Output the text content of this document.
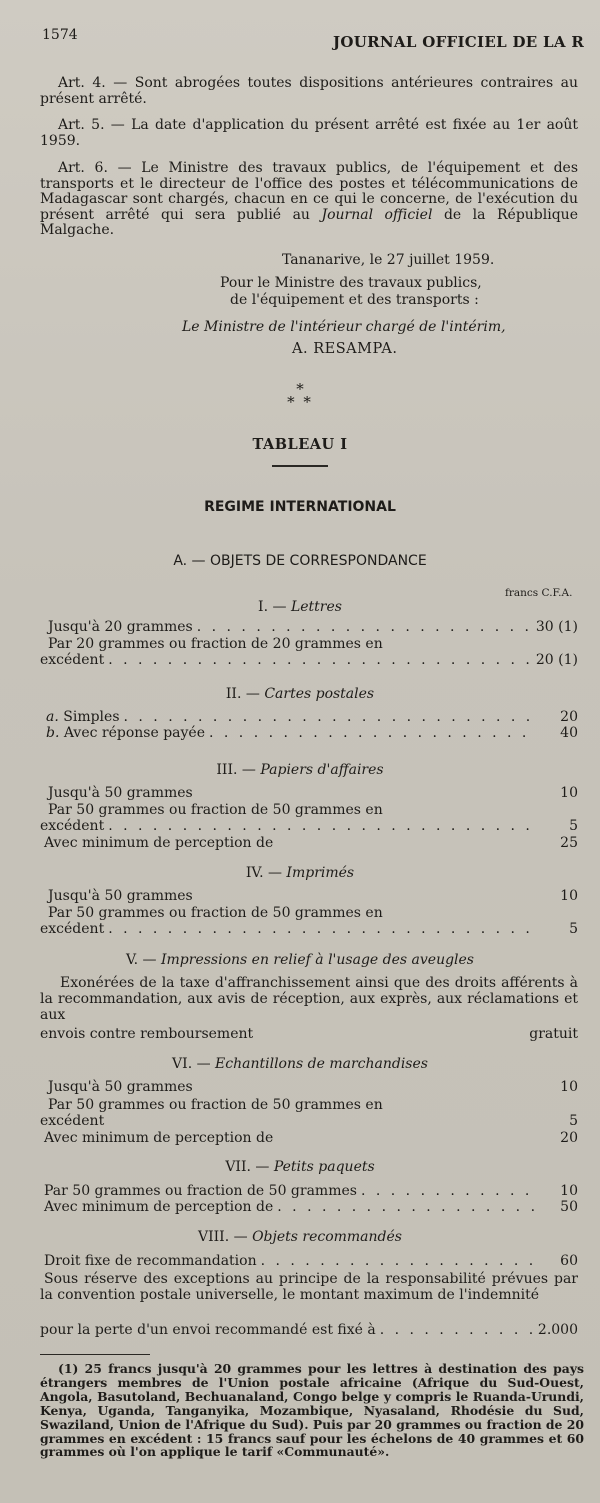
1574	JOURNAL OFFICIEL DE LA R
Art. 4. — Sont abrogées toutes dispositions antérieures contraires au présent arrêté.
Art. 5. — La date d'application du présent arrêté est fixée au 1er août 1959.
Art. 6. — Le Ministre des travaux publics, de l'équipement et des transports et le directeur de l'office des postes et télécommunications de Madagascar sont chargés, chacun en ce qui le concerne, de l'exécution du présent arrêté qui sera publié au Journal officiel de la République Malgache.
Tananarive, le 27 juillet 1959.
Pour le Ministre des travaux publics,
de l'équipement et des transports :
Le Ministre de l'intérieur chargé de l'intérim,
A. RESAMPA.
*
* *
TABLEAU I
REGIME INTERNATIONAL
A. — OBJETS DE CORRESPONDANCE
francs C.F.A.
I. — Lettres
Jusqu'à 20 grammes . . .	30 (1)
Par 20 grammes ou fraction de 20 grammes en
excédent . . .	20 (1)
II. — Cartes postales
a. Simples . . .	20
b. Avec réponse payée . . .	40
III. — Papiers d'affaires
Jusqu'à 50 grammes	10
Par 50 grammes ou fraction de 50 grammes en
excédent . . .	5
Avec minimum de perception de	25
IV. — Imprimés
Jusqu'à 50 grammes	10
Par 50 grammes ou fraction de 50 grammes en
excédent . . .	5
V. — Impressions en relief à l'usage des aveugles
Exonérées de la taxe d'affranchissement ainsi que des droits afférents à la recommandation, aux avis de réception, aux exprès, aux réclamations et aux
envois contre remboursement	gratuit
VI. — Echantillons de marchandises
Jusqu'à 50 grammes	10
Par 50 grammes ou fraction de 50 grammes en
excédent	5
Avec minimum de perception de	20
VII. — Petits paquets
Par 50 grammes ou fraction de 50 grammes . . .	10
Avec minimum de perception de . . .	50
VIII. — Objets recommandés
Droit fixe de recommandation . . .	60
Sous réserve des exceptions au principe de la responsabilité prévues par la convention postale universelle, le montant maximum de l'indemnité
pour la perte d'un envoi recommandé est fixé à . . .	2.000
(1) 25 francs jusqu'à 20 grammes pour les lettres à destination des pays étrangers membres de l'Union postale africaine (Afrique du Sud-Ouest, Angola, Basutoland, Bechuanaland, Congo belge y compris le Ruanda-Urundi, Kenya, Uganda, Tanganyika, Mozambique, Nyasaland, Rhodésie du Sud, Swaziland, Union de l'Afrique du Sud). Puis par 20 grammes ou fraction de 20 grammes en excédent : 15 francs sauf pour les échelons de 40 grammes et 60 grammes où l'on applique le tarif «Communauté».
